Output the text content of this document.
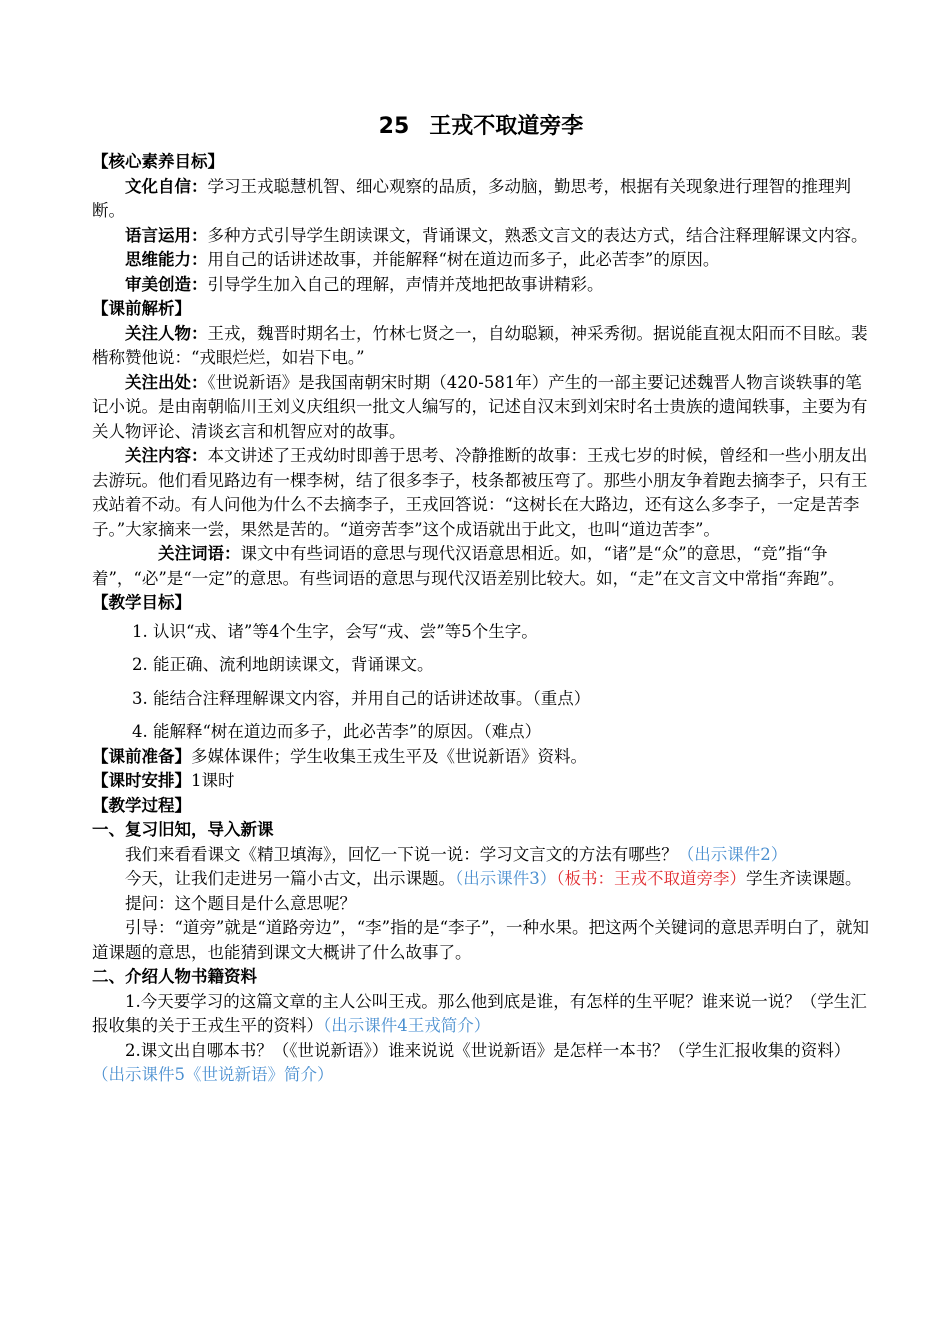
25 王戎不取道旁李

【核心素养目标】

文化自信：学习王戎聪慧机智、细心观察的品质，多动脑，勤思考，根据有关现象进行理智的推理判断。

语言运用：多种方式引导学生朗读课文，背诵课文，熟悉文言文的表达方式，结合注释理解课文内容。

思维能力：用自己的话讲述故事，并能解释“树在道边而多子，此必苦李”的原因。

审美创造：引导学生加入自己的理解，声情并茂地把故事讲精彩。

【课前解析】

关注人物：王戎，魏晋时期名士，竹林七贤之一，自幼聪颖，神采秀彻。据说能直视太阳而不目眩。裴楷称赞他说：“戎眼烂烂，如岩下电。”

关注出处：《世说新语》是我国南朝宋时期（420-581年）产生的一部主要记述魏晋人物言谈轶事的笔记小说。是由南朝临川王刘义庆组织一批文人编写的，记述自汉末到刘宋时名士贵族的遗闻轶事，主要为有关人物评论、清谈玄言和机智应对的故事。

关注内容：本文讲述了王戎幼时即善于思考、冷静推断的故事：王戎七岁的时候，曾经和一些小朋友出去游玩。他们看见路边有一棵李树，结了很多李子，枝条都被压弯了。那些小朋友争着跑去摘李子，只有王戎站着不动。有人问他为什么不去摘李子，王戎回答说：“这树长在大路边，还有这么多李子，一定是苦李子。”大家摘来一尝，果然是苦的。“道旁苦李”这个成语就出于此文，也叫“道边苦李”。

关注词语：课文中有些词语的意思与现代汉语意思相近。如，“诸”是“众”的意思，“竞”指“争着”，“必”是“一定”的意思。有些词语的意思与现代汉语差别比较大。如，“走”在文言文中常指“奔跑”。

【教学目标】

1. 认识“戎、诸”等4个生字，会写“戎、尝”等5个生字。

2. 能正确、流利地朗读课文，背诵课文。

3. 能结合注释理解课文内容，并用自己的话讲述故事。（重点）

4. 能解释“树在道边而多子，此必苦李”的原因。（难点）

【课前准备】多媒体课件；学生收集王戎生平及《世说新语》资料。

【课时安排】1课时

【教学过程】

一、复习旧知，导入新课

我们来看看课文《精卫填海》，回忆一下说一说：学习文言文的方法有哪些？（出示课件2）

今天，让我们走进另一篇小古文，出示课题。（出示课件3）（板书：王戎不取道旁李）学生齐读课题。

提问：这个题目是什么意思呢？

引导：“道旁”就是“道路旁边”，“李”指的是“李子”，一种水果。把这两个关键词的意思弄明白了，就知道课题的意思，也能猜到课文大概讲了什么故事了。

二、介绍人物书籍资料

1.今天要学习的这篇文章的主人公叫王戎。那么他到底是谁，有怎样的生平呢？谁来说一说？（学生汇报收集的关于王戎生平的资料）（出示课件4王戎简介）

2.课文出自哪本书？（《世说新语》）谁来说说《世说新语》是怎样一本书？（学生汇报收集的资料）（出示课件5《世说新语》简介）
